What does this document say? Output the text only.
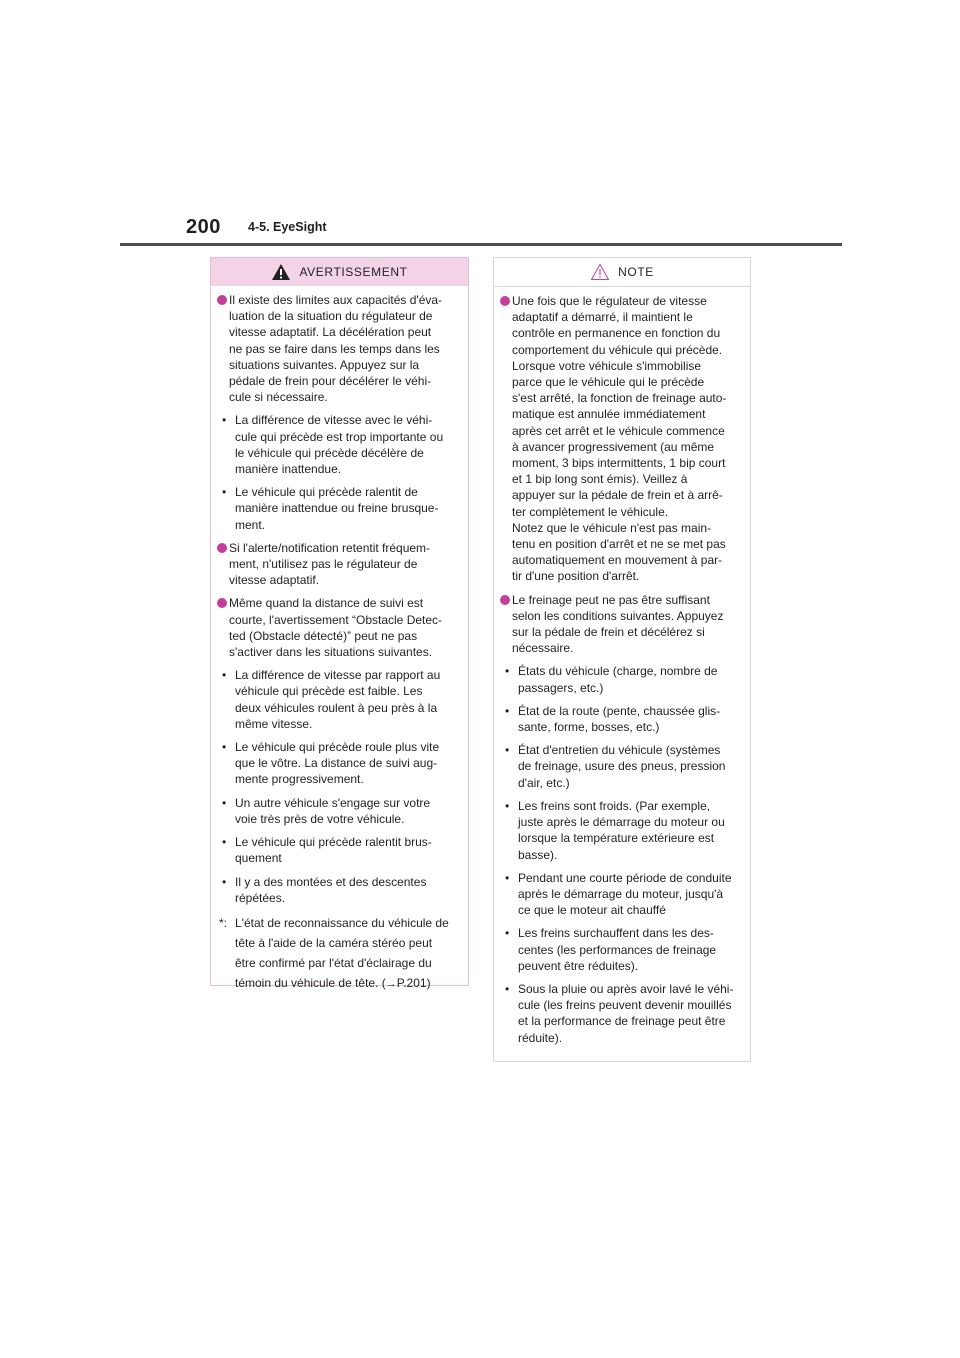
200 4-5. EyeSight
AVERTISSEMENT
Il existe des limites aux capacités d'éva-
luation de la situation du régulateur de
vitesse adaptatif. La décélération peut
ne pas se faire dans les temps dans les
situations suivantes. Appuyez sur la
pédale de frein pour décélérer le véhi-
cule si nécessaire.
• La différence de vitesse avec le véhi-
cule qui précède est trop importante ou
le véhicule qui précède décélère de
manière inattendue.
• Le véhicule qui précède ralentit de
manière inattendue ou freine brusque-
ment.
Si l'alerte/notification retentit fréquem-
ment, n'utilisez pas le régulateur de
vitesse adaptatif.
Même quand la distance de suivi est
courte, l'avertissement “Obstacle Detec-
ted (Obstacle détecté)” peut ne pas
s'activer dans les situations suivantes.
• La différence de vitesse par rapport au
véhicule qui précède est faible. Les
deux véhicules roulent à peu près à la
même vitesse.
• Le véhicule qui précède roule plus vite
que le vôtre. La distance de suivi aug-
mente progressivement.
• Un autre véhicule s'engage sur votre
voie très près de votre véhicule.
• Le véhicule qui précède ralentit brus-
quement
• Il y a des montées et des descentes
répétées.
*: L'état de reconnaissance du véhicule de
tête à l'aide de la caméra stéréo peut
être confirmé par l'état d'éclairage du
témoin du véhicule de tête. (→P.201)
NOTE
Une fois que le régulateur de vitesse
adaptatif a démarré, il maintient le
contrôle en permanence en fonction du
comportement du véhicule qui précède.
Lorsque votre véhicule s'immobilise
parce que le véhicule qui le précède
s'est arrêté, la fonction de freinage auto-
matique est annulée immédiatement
après cet arrêt et le véhicule commence
à avancer progressivement (au même
moment, 3 bips intermittents, 1 bip court
et 1 bip long sont émis). Veillez à
appuyer sur la pédale de frein et à arrê-
ter complètement le véhicule.
Notez que le véhicule n'est pas main-
tenu en position d'arrêt et ne se met pas
automatiquement en mouvement à par-
tir d'une position d'arrêt.
Le freinage peut ne pas être suffisant
selon les conditions suivantes. Appuyez
sur la pédale de frein et décélérez si
nécessaire.
• États du véhicule (charge, nombre de
passagers, etc.)
• État de la route (pente, chaussée glis-
sante, forme, bosses, etc.)
• État d'entretien du véhicule (systèmes
de freinage, usure des pneus, pression
d'air, etc.)
• Les freins sont froids. (Par exemple,
juste après le démarrage du moteur ou
lorsque la température extérieure est
basse).
• Pendant une courte période de conduite
après le démarrage du moteur, jusqu'à
ce que le moteur ait chauffé
• Les freins surchauffent dans les des-
centes (les performances de freinage
peuvent être réduites).
• Sous la pluie ou après avoir lavé le véhi-
cule (les freins peuvent devenir mouillés
et la performance de freinage peut être
réduite).
